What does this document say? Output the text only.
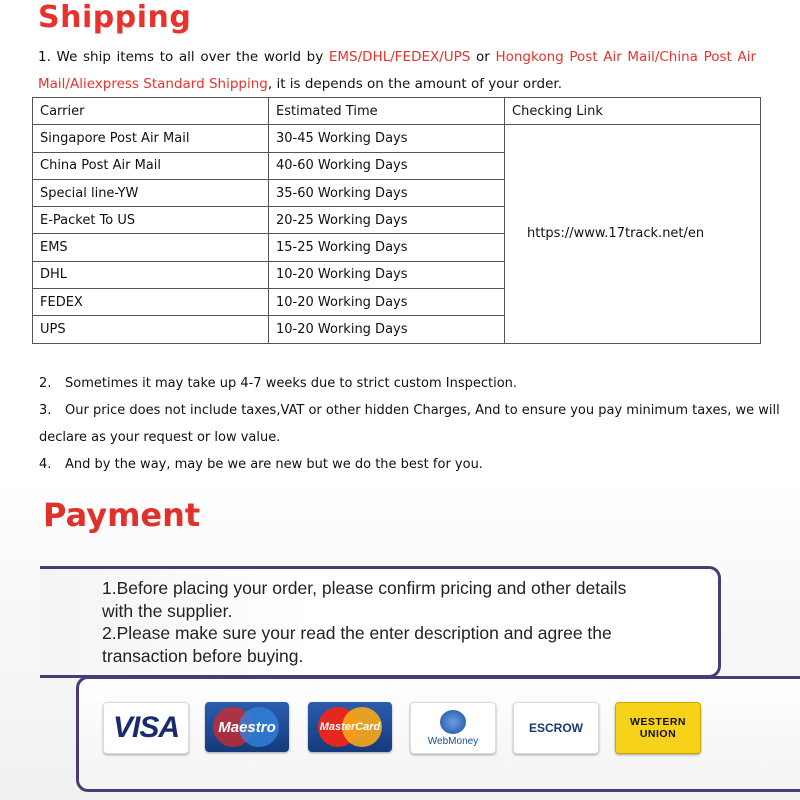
Shipping
1. We ship items to all over the world by EMS/DHL/FEDEX/UPS or Hongkong Post Air Mail/China Post Air Mail/Aliexpress Standard Shipping, it is depends on the amount of your order.
Carrier	Estimated Time	Checking Link
Singapore Post Air Mail	30-45 Working Days	https://www.17track.net/en
China Post Air Mail	40-60 Working Days	
Special line-YW	35-60 Working Days	
E-Packet To US	20-25 Working Days	
EMS	15-25 Working Days	
DHL	10-20 Working Days	
FEDEX	10-20 Working Days	
UPS	10-20 Working Days	
2. Sometimes it may take up 4-7 weeks due to strict custom Inspection.
3. Our price does not include taxes,VAT or other hidden Charges, And to ensure you pay minimum taxes, we will
declare as your request or low value.
4. And by the way, may be we are new but we do the best for you.
Payment
1.Before placing your order, please confirm pricing and other details
with the supplier.
2.Please make sure your read the enter description and agree the
transaction before buying.
VISA	Maestro	MasterCard
WebMoney
ESCROW	WESTERN
UNION
